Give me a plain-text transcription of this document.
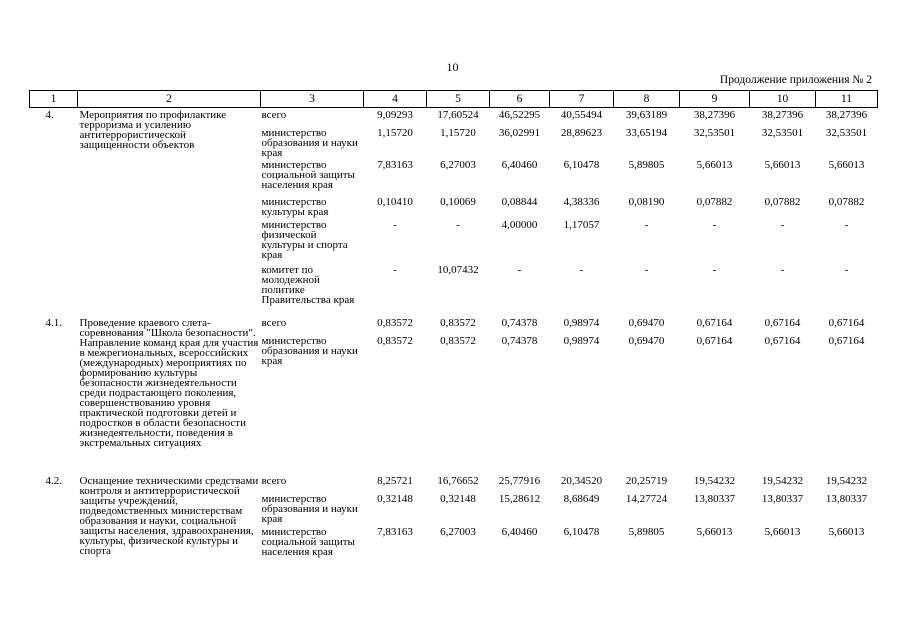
10
Продолжение приложения № 2
1	2	3	4	5	6	7	8	9	10	11
4.	Мероприятия по профилактике терроризма и усилению антитеррористической защищенности объектов	всего	9,09293	17,60524	46,52295	40,55494	39,63189	38,27396	38,27396	38,27396
		министерство образования и науки края	1,15720	1,15720	36,02991	28,89623	33,65194	32,53501	32,53501	32,53501
		министерство социальной защиты населения края	7,83163	6,27003	6,40460	6,10478	5,89805	5,66013	5,66013	5,66013
		министерство культуры края	0,10410	0,10069	0,08844	4,38336	0,08190	0,07882	0,07882	0,07882
		министерство физической культуры и спорта края	-	-	4,00000	1,17057	-	-	-	-
		комитет по молодежной политике Правительства края	-	10,07432	-	-	-	-	-	-
4.1.	Проведение краевого слета-соревнования "Школа безопасности". Направление команд края для участия в межрегиональных, всероссийских (международных) мероприятиях по формированию культуры безопасности жизнедеятельности среди подрастающего поколения, совершенствованию уровня практической подготовки детей и подростков в области безопасности жизнедеятельности, поведения в экстремальных ситуациях	всего	0,83572	0,83572	0,74378	0,98974	0,69470	0,67164	0,67164	0,67164
		министерство образования и науки края	0,83572	0,83572	0,74378	0,98974	0,69470	0,67164	0,67164	0,67164
4.2.	Оснащение техническими средствами контроля и антитеррористической защиты учреждений, подведомственных министерствам образования и науки, социальной защиты населения, здравоохранения, культуры, физической культуры и спорта	всего	8,25721	16,76652	25,77916	20,34520	20,25719	19,54232	19,54232	19,54232
		министерство образования и науки края	0,32148	0,32148	15,28612	8,68649	14,27724	13,80337	13,80337	13,80337
		министерство социальной защиты населения края	7,83163	6,27003	6,40460	6,10478	5,89805	5,66013	5,66013	5,66013
